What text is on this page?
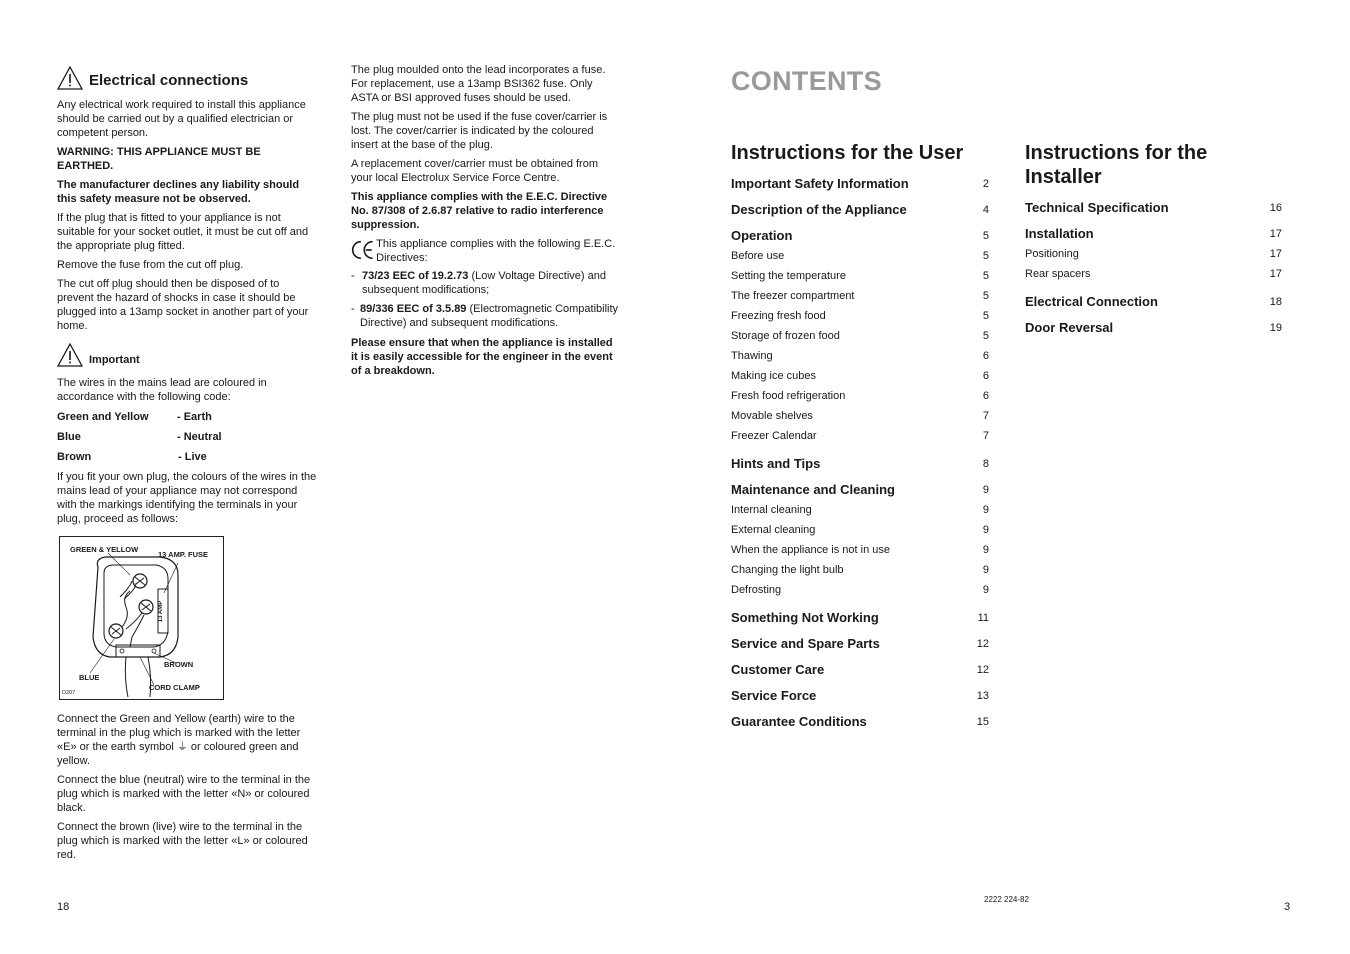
Electrical connections

Any electrical work required to install this appliance should be carried out by a qualified electrician or competent person.

WARNING: THIS APPLIANCE MUST BE EARTHED.

The manufacturer declines any liability should this safety measure not be observed.

If the plug that is fitted to your appliance is not suitable for your socket outlet, it must be cut off and the appropriate plug fitted.

Remove the fuse from the cut off plug.

The cut off plug should then be disposed of to prevent the hazard of shocks in case it should be plugged into a 13amp socket in another part of your home.

Important

The wires in the mains lead are coloured in accordance with the following code:

Green and Yellow	- Earth
Blue	- Neutral
Brown	- Live

If you fit your own plug, the colours of the wires in the mains lead of your appliance may not correspond with the markings identifying the terminals in your plug, proceed as follows:

GREEN & YELLOW
13 AMP. FUSE
13 AMP
BROWN
BLUE
CORD CLAMP
D207

Connect the Green and Yellow (earth) wire to the terminal in the plug which is marked with the letter «E» or the earth symbol ⏚ or coloured green and yellow.

Connect the blue (neutral) wire to the terminal in the plug which is marked with the letter «N» or coloured black.

Connect the brown (live) wire to the terminal in the plug which is marked with the letter «L» or coloured red.

The plug moulded onto the lead incorporates a fuse. For replacement, use a 13amp BSI362 fuse. Only ASTA or BSI approved fuses should be used.

The plug must not be used if the fuse cover/carrier is lost. The cover/carrier is indicated by the coloured insert at the base of the plug.

A replacement cover/carrier must be obtained from your local Electrolux Service Force Centre.

This appliance complies with the E.E.C. Directive No. 87/308 of 2.6.87 relative to radio interference suppression.

This appliance complies with the following E.E.C. Directives:
- 73/23 EEC of 19.2.73 (Low Voltage Directive) and subsequent modifications;
- 89/336 EEC of 3.5.89 (Electromagnetic Compatibility Directive) and subsequent modifications.

Please ensure that when the appliance is installed it is easily accessible for the engineer in the event of a breakdown.

CONTENTS
Instructions for the User	Instructions for the Installer
Important Safety Information	2
Description of the Appliance	4
Operation	5
Before use	5
Setting the temperature	5
The freezer compartment	5
Freezing fresh food	5
Storage of frozen food	5
Thawing	6
Making ice cubes	6
Fresh food refrigeration	6
Movable shelves	7
Freezer Calendar	7
Hints and Tips	8
Maintenance and Cleaning	9
Internal cleaning	9
External cleaning	9
When the appliance is not in use	9
Changing the light bulb	9
Defrosting	9
Something Not Working	11
Service and Spare Parts	12
Customer Care	12
Service Force	13
Guarantee Conditions	15
Technical Specification	16
Installation	17
Positioning	17
Rear spacers	17
Electrical Connection	18
Door Reversal	19
18
2222 224-82
3
